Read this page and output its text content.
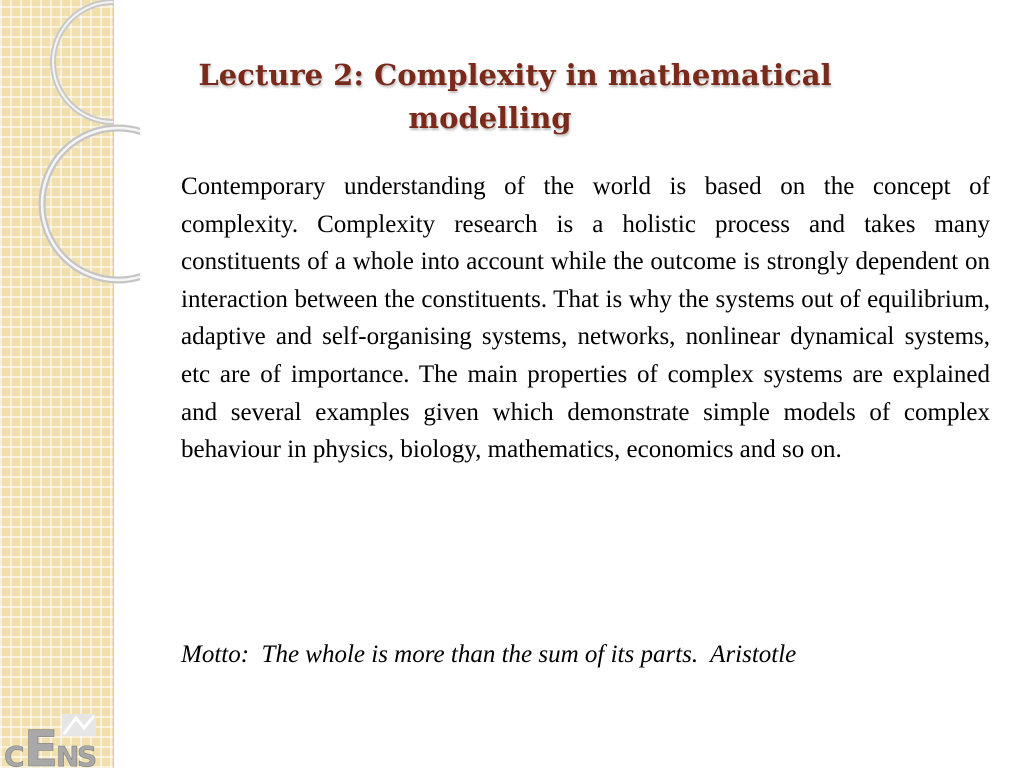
Lecture 2: Complexity in mathematical
modelling

Contemporary understanding of the world is based on the concept of complexity. Complexity research is a holistic process and takes many constituents of a whole into account while the outcome is strongly dependent on interaction between the constituents. That is why the systems out of equilibrium, adaptive and self-organising systems, networks, nonlinear dynamical systems, etc are of importance. The main properties of complex systems are explained and several examples given which demonstrate simple models of complex behaviour in physics, biology, mathematics, economics and so on.

Motto:  The whole is more than the sum of its parts.  Aristotle

C E
N
S
